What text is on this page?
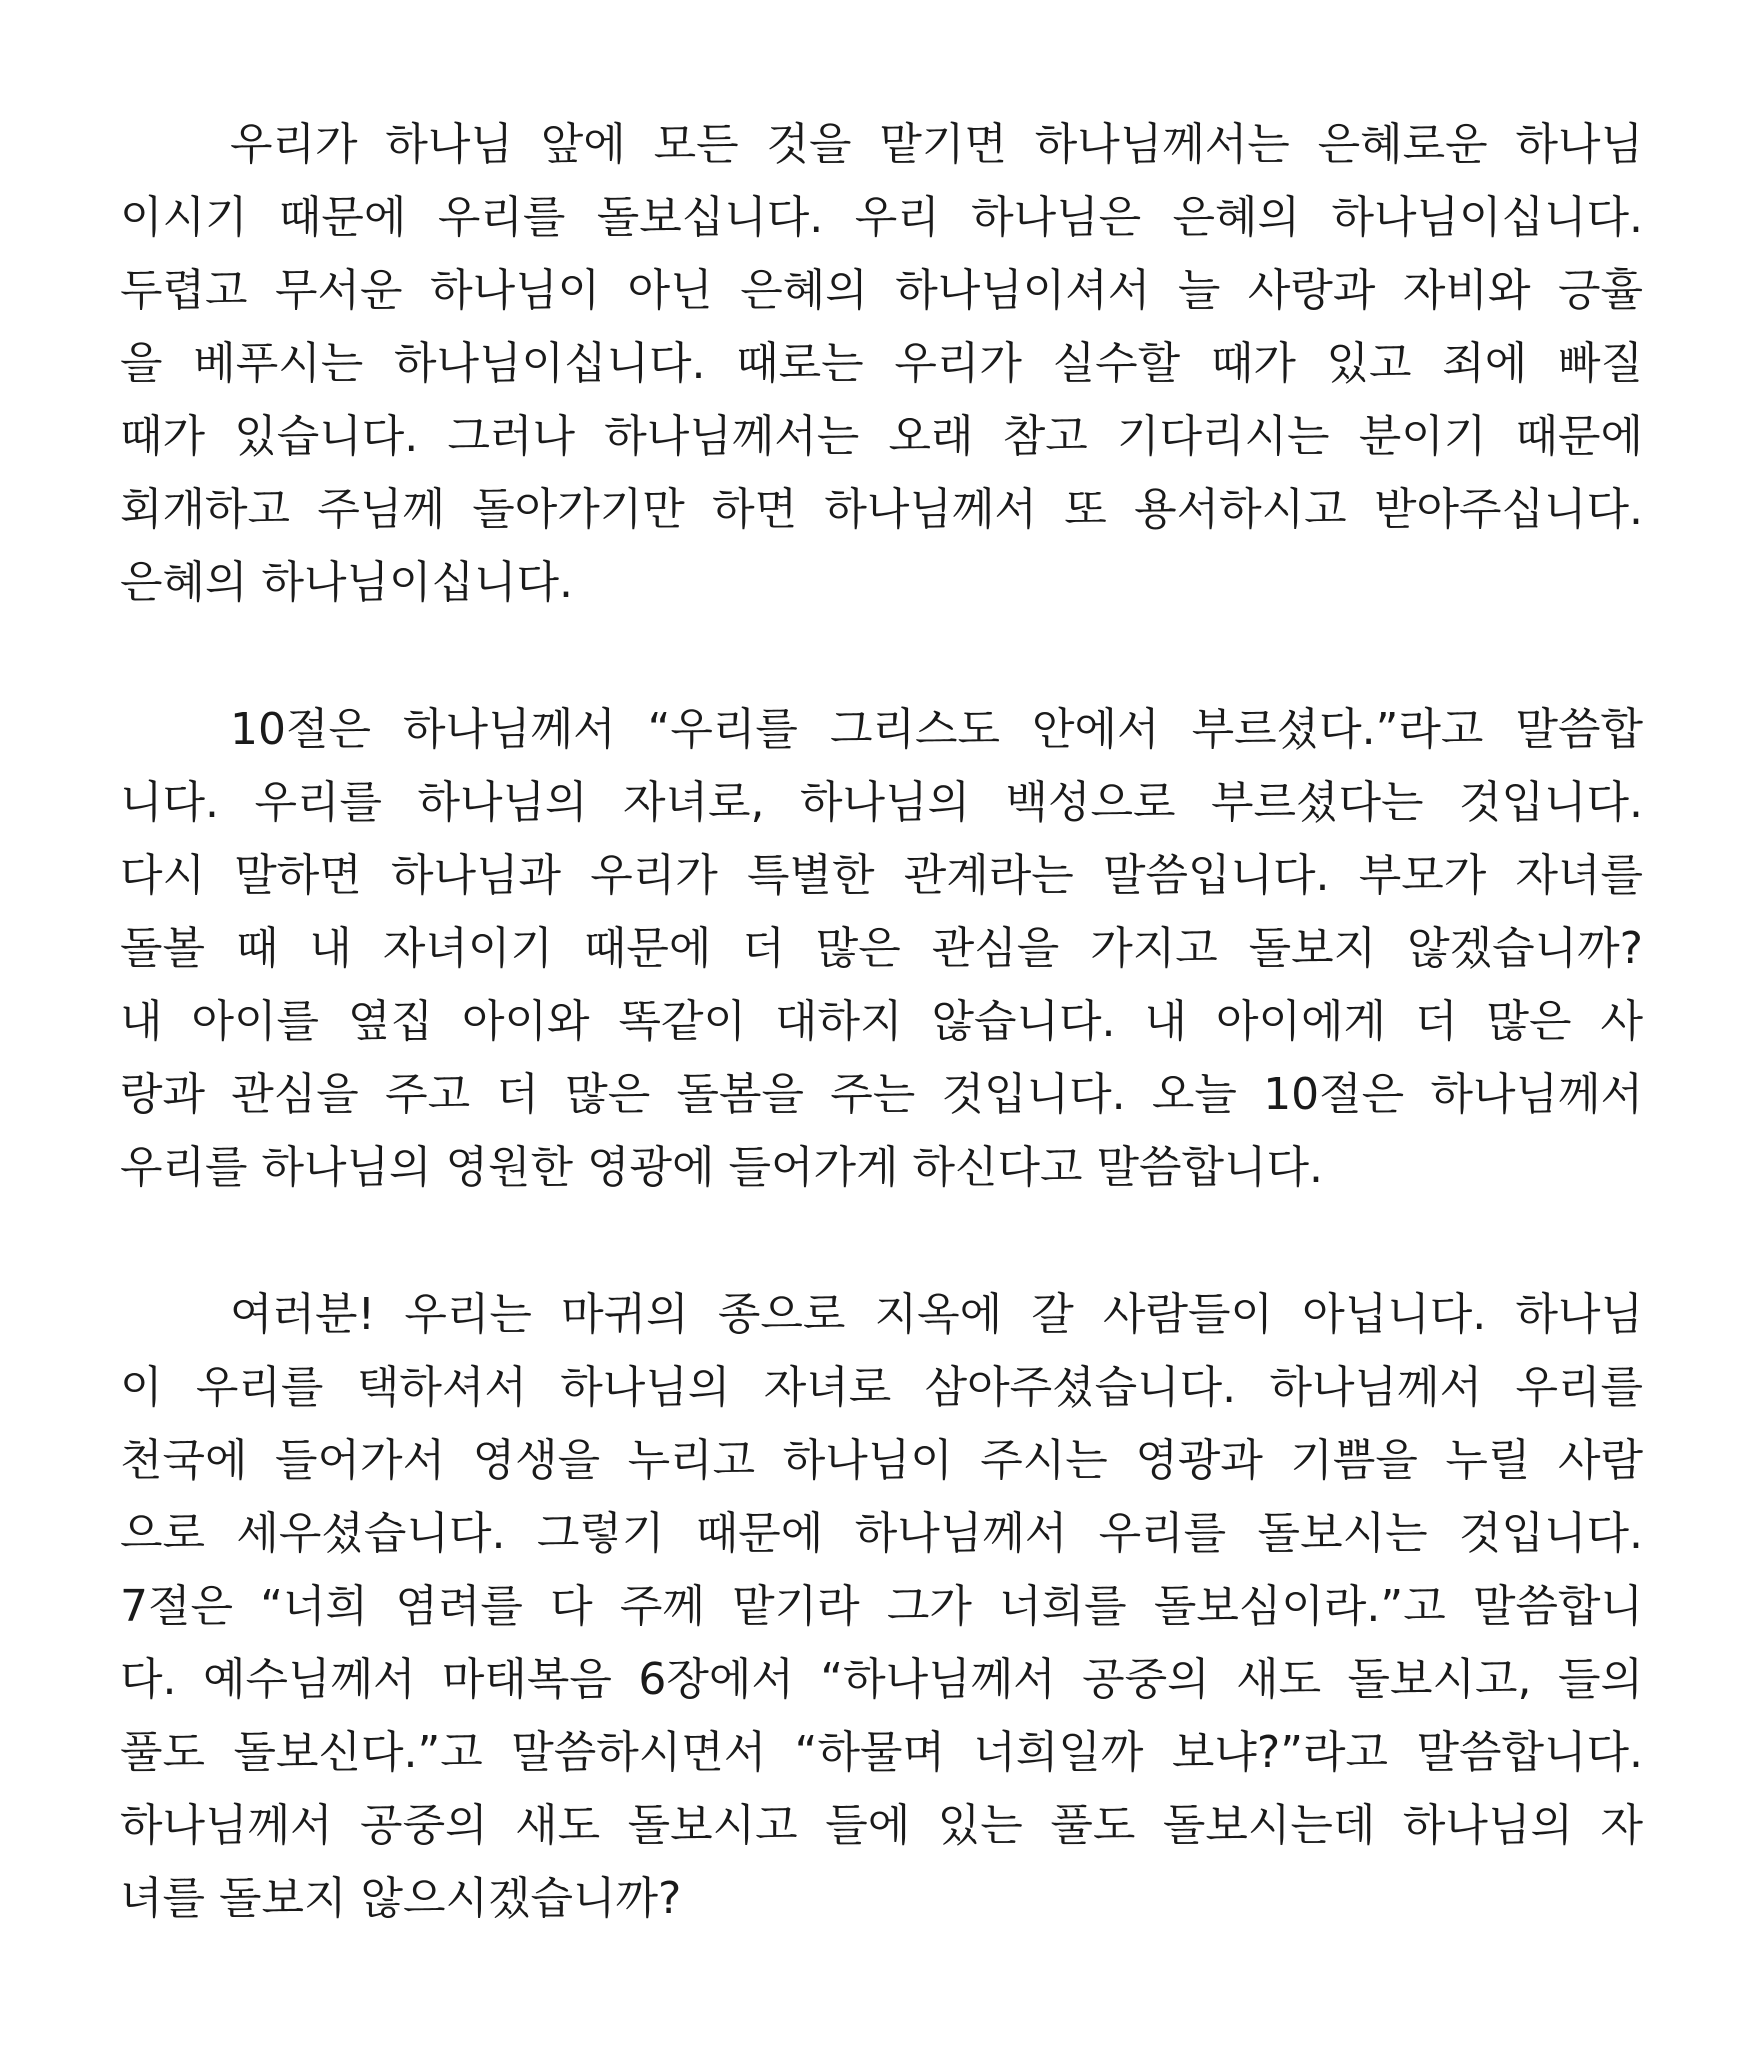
우리가 하나님 앞에 모든 것을 맡기면 하나님께서는 은혜로운 하나님
이시기 때문에 우리를 돌보십니다. 우리 하나님은 은혜의 하나님이십니다.
두렵고 무서운 하나님이 아닌 은혜의 하나님이셔서 늘 사랑과 자비와 긍휼
을 베푸시는 하나님이십니다. 때로는 우리가 실수할 때가 있고 죄에 빠질
때가 있습니다. 그러나 하나님께서는 오래 참고 기다리시는 분이기 때문에
회개하고 주님께 돌아가기만 하면 하나님께서 또 용서하시고 받아주십니다.
은혜의 하나님이십니다.
10절은 하나님께서 “우리를 그리스도 안에서 부르셨다.”라고 말씀합
니다. 우리를 하나님의 자녀로, 하나님의 백성으로 부르셨다는 것입니다.
다시 말하면 하나님과 우리가 특별한 관계라는 말씀입니다. 부모가 자녀를
돌볼 때 내 자녀이기 때문에 더 많은 관심을 가지고 돌보지 않겠습니까?
내 아이를 옆집 아이와 똑같이 대하지 않습니다. 내 아이에게 더 많은 사
랑과 관심을 주고 더 많은 돌봄을 주는 것입니다. 오늘 10절은 하나님께서
우리를 하나님의 영원한 영광에 들어가게 하신다고 말씀합니다.
여러분! 우리는 마귀의 종으로 지옥에 갈 사람들이 아닙니다. 하나님
이 우리를 택하셔서 하나님의 자녀로 삼아주셨습니다. 하나님께서 우리를
천국에 들어가서 영생을 누리고 하나님이 주시는 영광과 기쁨을 누릴 사람
으로 세우셨습니다. 그렇기 때문에 하나님께서 우리를 돌보시는 것입니다.
7절은 “너희 염려를 다 주께 맡기라 그가 너희를 돌보심이라.”고 말씀합니
다. 예수님께서 마태복음 6장에서 “하나님께서 공중의 새도 돌보시고, 들의
풀도 돌보신다.”고 말씀하시면서 “하물며 너희일까 보냐?”라고 말씀합니다.
하나님께서 공중의 새도 돌보시고 들에 있는 풀도 돌보시는데 하나님의 자
녀를 돌보지 않으시겠습니까?
